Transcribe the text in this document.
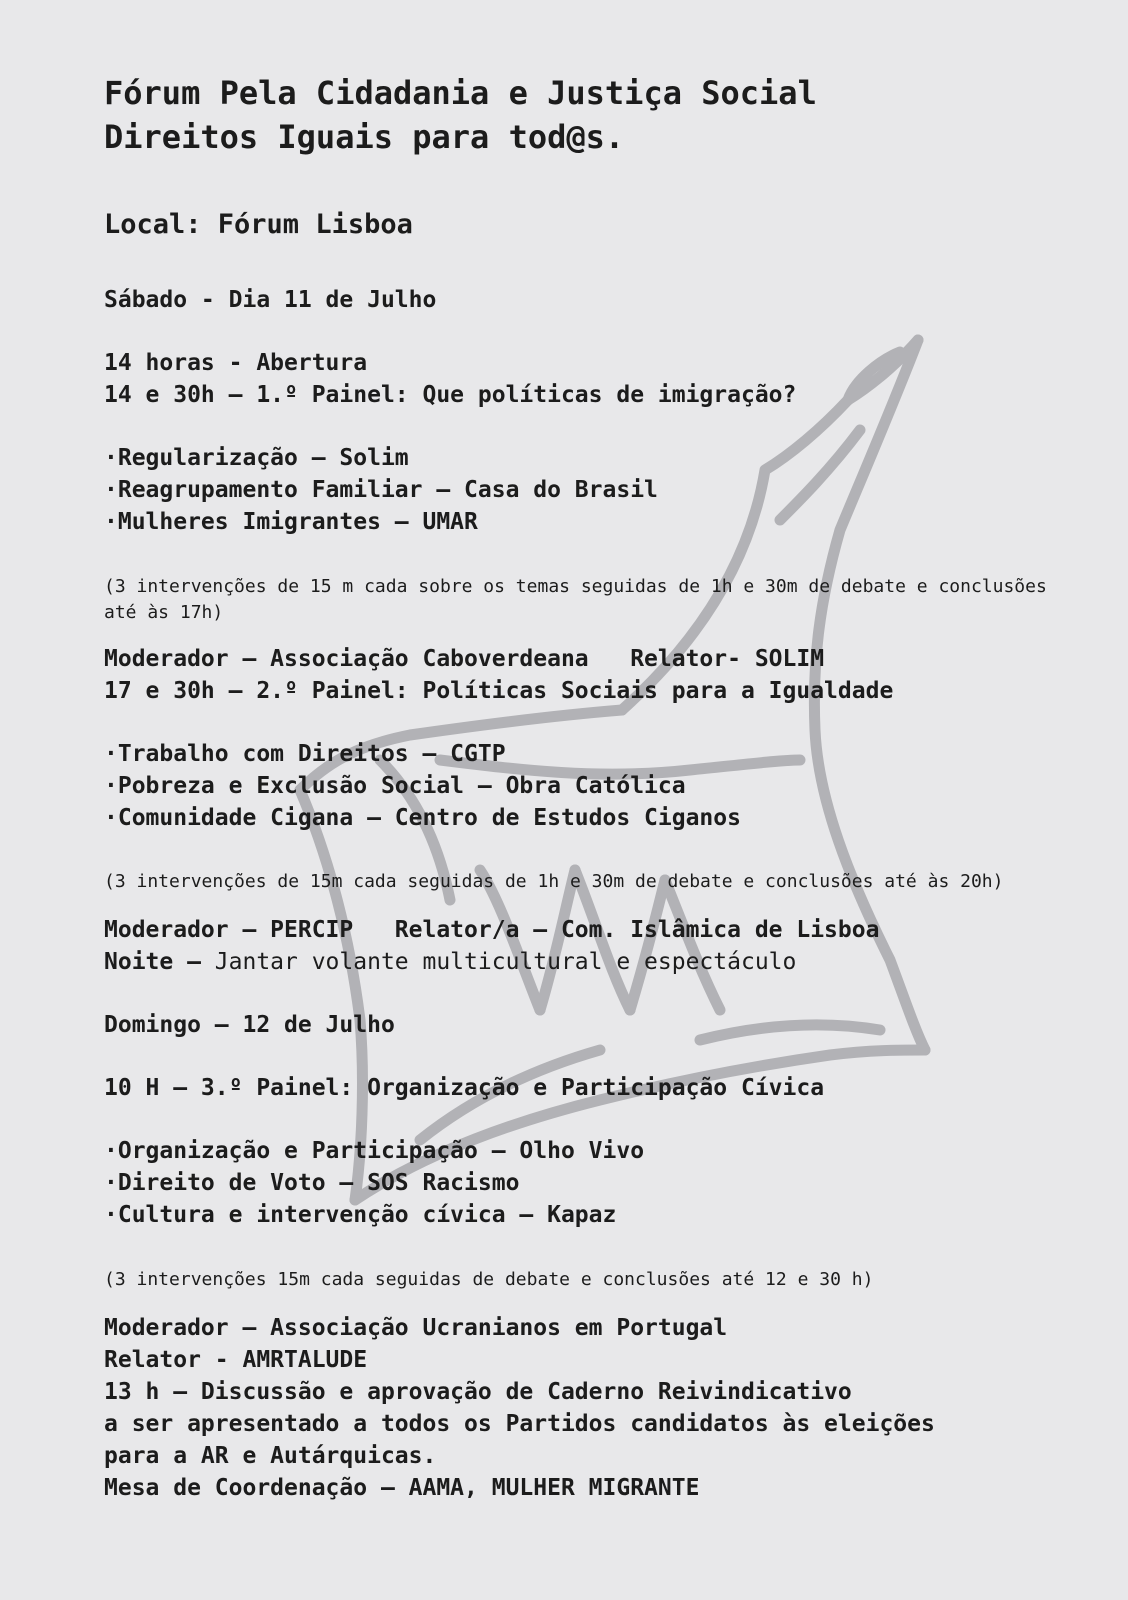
Fórum Pela Cidadania e Justiça Social
Direitos Iguais para tod@s.
Local: Fórum Lisboa
Sábado - Dia 11 de Julho
14 horas - Abertura
14 e 30h – 1.º Painel: Que políticas de imigração?
·Regularização – Solim
·Reagrupamento Familiar – Casa do Brasil
·Mulheres Imigrantes – UMAR
(3 intervenções de 15 m cada sobre os temas seguidas de 1h e 30m de debate e conclusões
até às 17h)
Moderador – Associação Caboverdeana   Relator- SOLIM
17 e 30h – 2.º Painel: Políticas Sociais para a Igualdade
·Trabalho com Direitos – CGTP
·Pobreza e Exclusão Social – Obra Católica
·Comunidade Cigana – Centro de Estudos Ciganos
(3 intervenções de 15m cada seguidas de 1h e 30m de debate e conclusões até às 20h)
Moderador – PERCIP   Relator/a – Com. Islâmica de Lisboa
Noite – Jantar volante multicultural e espectáculo
Domingo – 12 de Julho
10 H – 3.º Painel: Organização e Participação Cívica
·Organização e Participação – Olho Vivo
·Direito de Voto – SOS Racismo
·Cultura e intervenção cívica – Kapaz
(3 intervenções 15m cada seguidas de debate e conclusões até 12 e 30 h)
Moderador – Associação Ucranianos em Portugal
Relator - AMRTALUDE
13 h – Discussão e aprovação de Caderno Reivindicativo
a ser apresentado a todos os Partidos candidatos às eleições
para a AR e Autárquicas.
Mesa de Coordenação – AAMA, MULHER MIGRANTE
